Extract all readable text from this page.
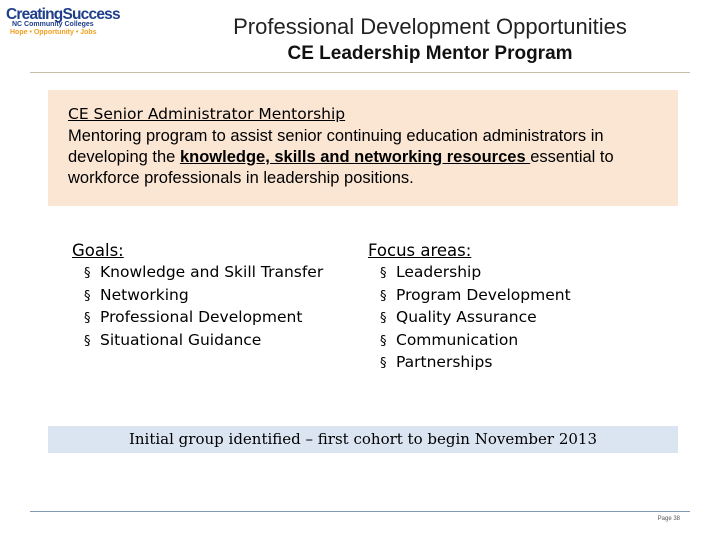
CreatingSuccess
NC Community Colleges
Hope • Opportunity • Jobs	Professional Development Opportunities
CE Leadership Mentor Program
CE Senior Administrator Mentorship
Mentoring program to assist senior continuing education administrators in developing the knowledge, skills and networking resources essential to workforce professionals in leadership positions.
Goals:
§ Knowledge and Skill Transfer
§ Networking
§ Professional Development
§ Situational Guidance
Focus areas:
§ Leadership
§ Program Development
§ Quality Assurance
§ Communication
§ Partnerships
Initial group identified – first cohort to begin November 2013
Page 38
